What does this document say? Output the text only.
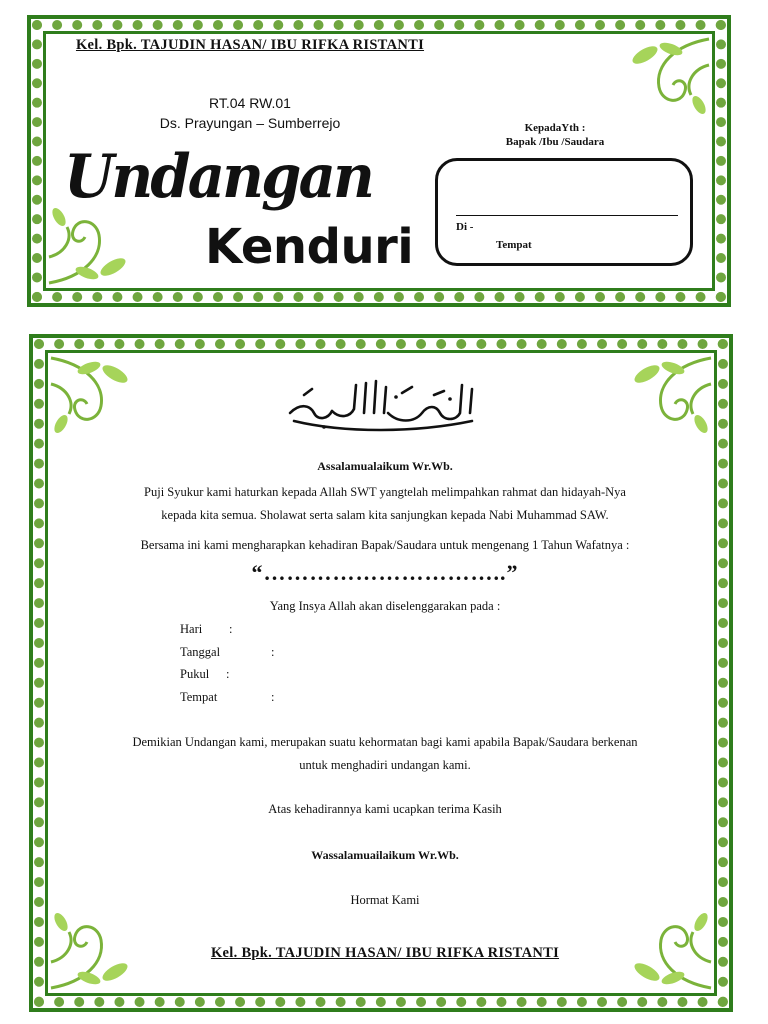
Kel. Bpk. TAJUDIN HASAN/ IBU RIFKA RISTANTI

RT.04 RW.01

Ds. Prayungan – Sumberrejo

Undangan

Kenduri

KepadaYth :

Bapak /Ibu /Saudara

Di -

Tempat

Assalamualaikum Wr.Wb.

Puji Syukur kami haturkan kepada Allah SWT yangtelah melimpahkan rahmat dan hidayah-Nya

kepada kita semua. Sholawat serta salam kita sanjungkan kepada Nabi Muhammad SAW.

Bersama ini kami mengharapkan kehadiran Bapak/Saudara untuk mengenang 1 Tahun Wafatnya :

“…………………………..”

Yang Insya Allah akan diselenggarakan pada :

Hari :

Tanggal	:

Pukul :

Tempat	:

Demikian Undangan kami, merupakan suatu kehormatan bagi kami apabila Bapak/Saudara berkenan

untuk menghadiri undangan kami.

Atas kehadirannya kami ucapkan terima Kasih

Wassalamuailaikum Wr.Wb.

Hormat Kami

Kel. Bpk. TAJUDIN HASAN/ IBU RIFKA RISTANTI
